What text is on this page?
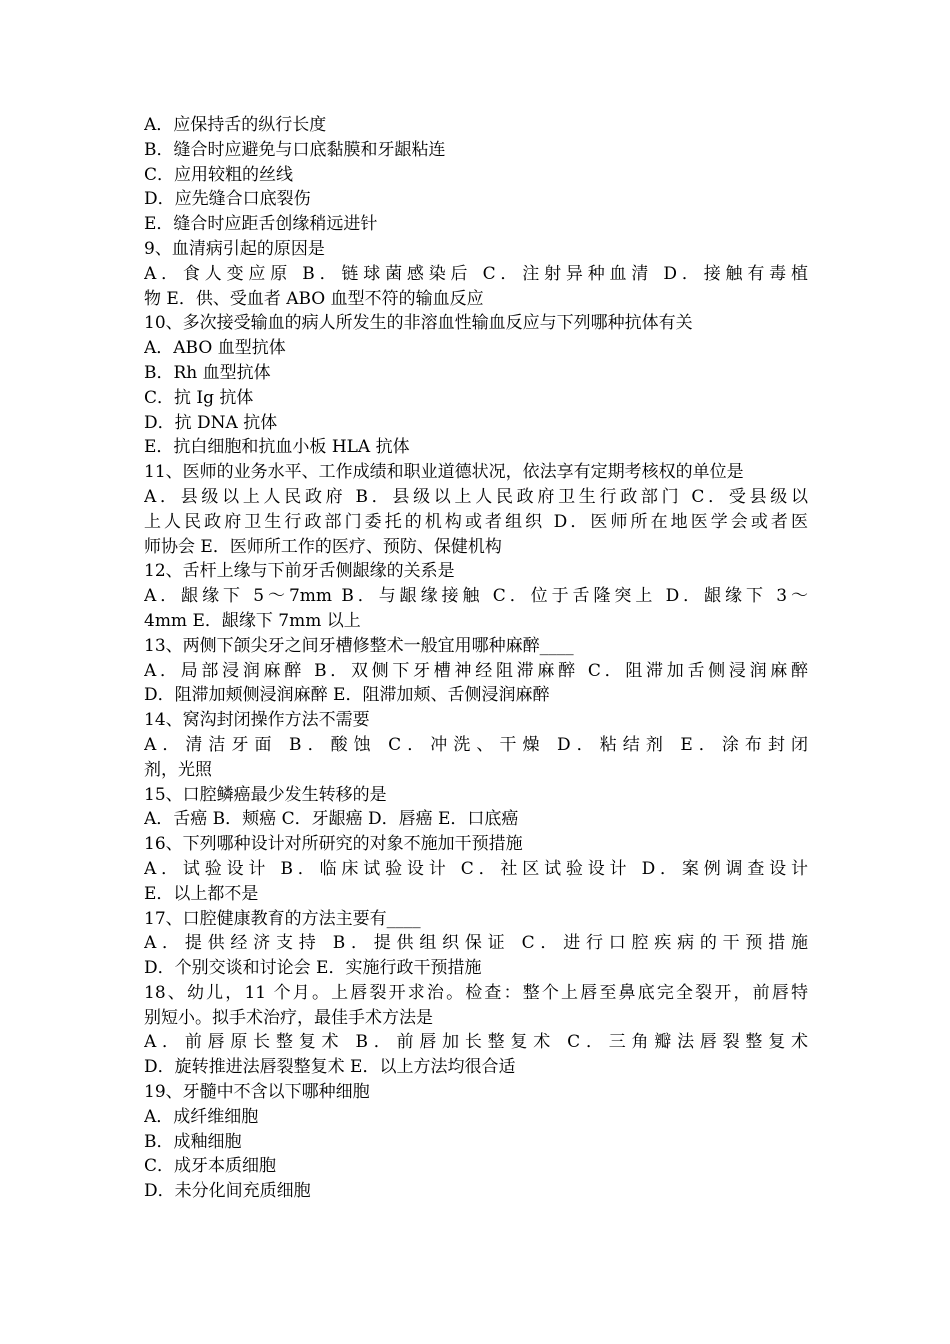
A．应保持舌的纵行长度
B．缝合时应避免与口底黏膜和牙龈粘连
C．应用较粗的丝线
D．应先缝合口底裂伤
E．缝合时应距舌创缘稍远进针
9、血清病引起的原因是
A．食人变应原 B．链球菌感染后 C．注射异种血清 D．接触有毒植
物 E．供、受血者 ABO 血型不符的输血反应
10、多次接受输血的病人所发生的非溶血性输血反应与下列哪种抗体有关
A．ABO 血型抗体
B．Rh 血型抗体
C．抗 Ig 抗体
D．抗 DNA 抗体
E．抗白细胞和抗血小板 HLA 抗体
11、医师的业务水平、工作成绩和职业道德状况，依法享有定期考核权的单位是
A．县级以上人民政府 B．县级以上人民政府卫生行政部门 C．受县级以
上人民政府卫生行政部门委托的机构或者组织 D．医师所在地医学会或者医
师协会 E．医师所工作的医疗、预防、保健机构
12、舌杆上缘与下前牙舌侧龈缘的关系是
A．龈缘下 5～7mm B．与龈缘接触 C．位于舌隆突上 D．龈缘下 3～
4mm E．龈缘下 7mm 以上
13、两侧下颌尖牙之间牙槽修整术一般宜用哪种麻醉____
A．局部浸润麻醉 B．双侧下牙槽神经阻滞麻醉 C．阻滞加舌侧浸润麻醉
D．阻滞加颊侧浸润麻醉 E．阻滞加颊、舌侧浸润麻醉
14、窝沟封闭操作方法不需要
A．清洁牙面 B．酸蚀 C．冲洗、干燥 D．粘结剂 E．涂布封闭
剂，光照
15、口腔鳞癌最少发生转移的是
A．舌癌 B．颊癌 C．牙龈癌 D．唇癌 E．口底癌
16、下列哪种设计对所研究的对象不施加干预措施
A．试验设计 B．临床试验设计 C．社区试验设计 D．案例调查设计
E．以上都不是
17、口腔健康教育的方法主要有____
A．提供经济支持 B．提供组织保证 C．进行口腔疾病的干预措施
D．个别交谈和讨论会 E．实施行政干预措施
18、幼儿，11 个月。上唇裂开求治。检查：整个上唇至鼻底完全裂开，前唇特
别短小。拟手术治疗，最佳手术方法是
A．前唇原长整复术 B．前唇加长整复术 C．三角瓣法唇裂整复术
D．旋转推进法唇裂整复术 E．以上方法均很合适
19、牙髓中不含以下哪种细胞
A．成纤维细胞
B．成釉细胞
C．成牙本质细胞
D．未分化间充质细胞
